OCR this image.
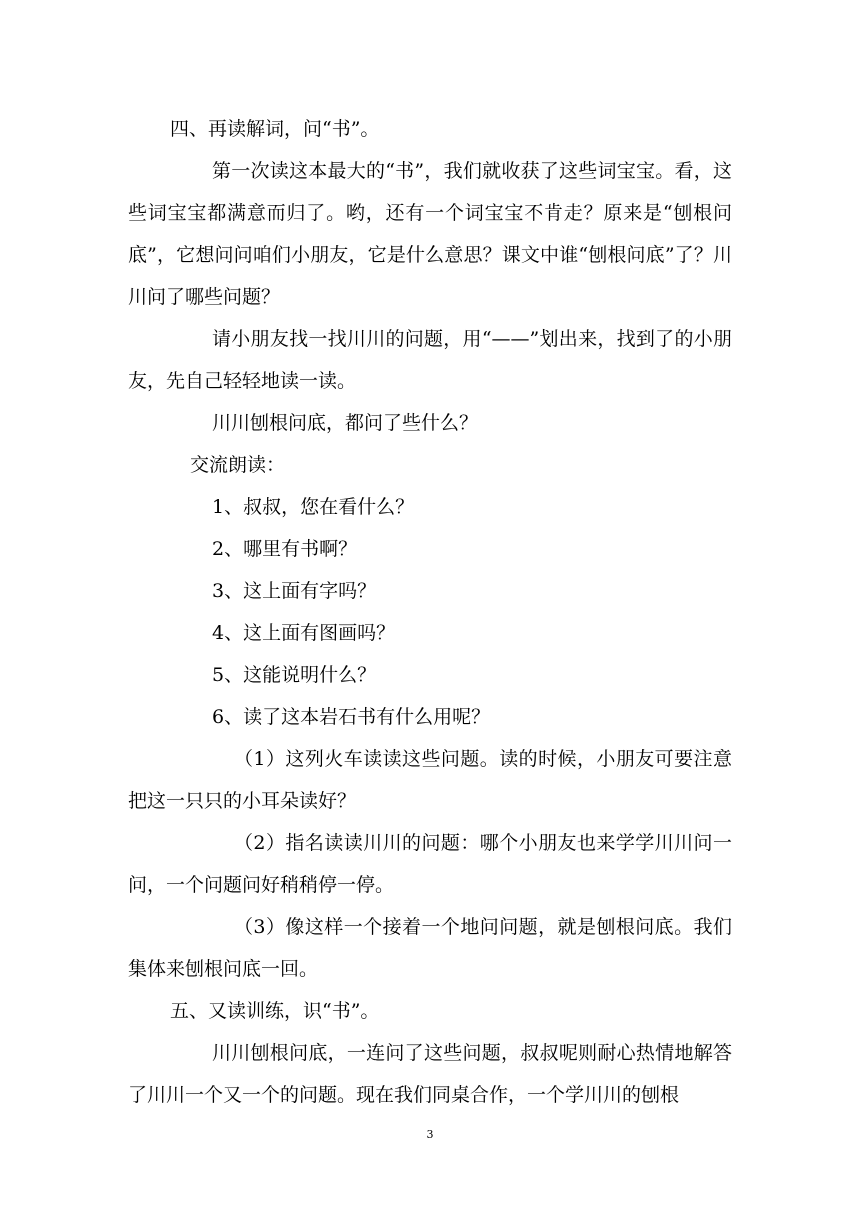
四、再读解词，问“书”。

第一次读这本最大的“书”，我们就收获了这些词宝宝。看，这些词宝宝都满意而归了。哟，还有一个词宝宝不肯走？原来是“刨根问底”，它想问问咱们小朋友，它是什么意思？课文中谁“刨根问底”了？川川问了哪些问题？

请小朋友找一找川川的问题，用“——”划出来，找到了的小朋友，先自己轻轻地读一读。

川川刨根问底，都问了些什么？

交流朗读：

1、叔叔，您在看什么？

2、哪里有书啊？

3、这上面有字吗？

4、这上面有图画吗？

5、这能说明什么？

6、读了这本岩石书有什么用呢？

（1）这列火车读读这些问题。读的时候，小朋友可要注意把这一只只的小耳朵读好？

（2）指名读读川川的问题：哪个小朋友也来学学川川问一问，一个问题问好稍稍停一停。

（3）像这样一个接着一个地问问题，就是刨根问底。我们集体来刨根问底一回。

五、又读训练，识“书”。

川川刨根问底，一连问了这些问题，叔叔呢则耐心热情地解答了川川一个又一个的问题。现在我们同桌合作，一个学川川的刨根

3
